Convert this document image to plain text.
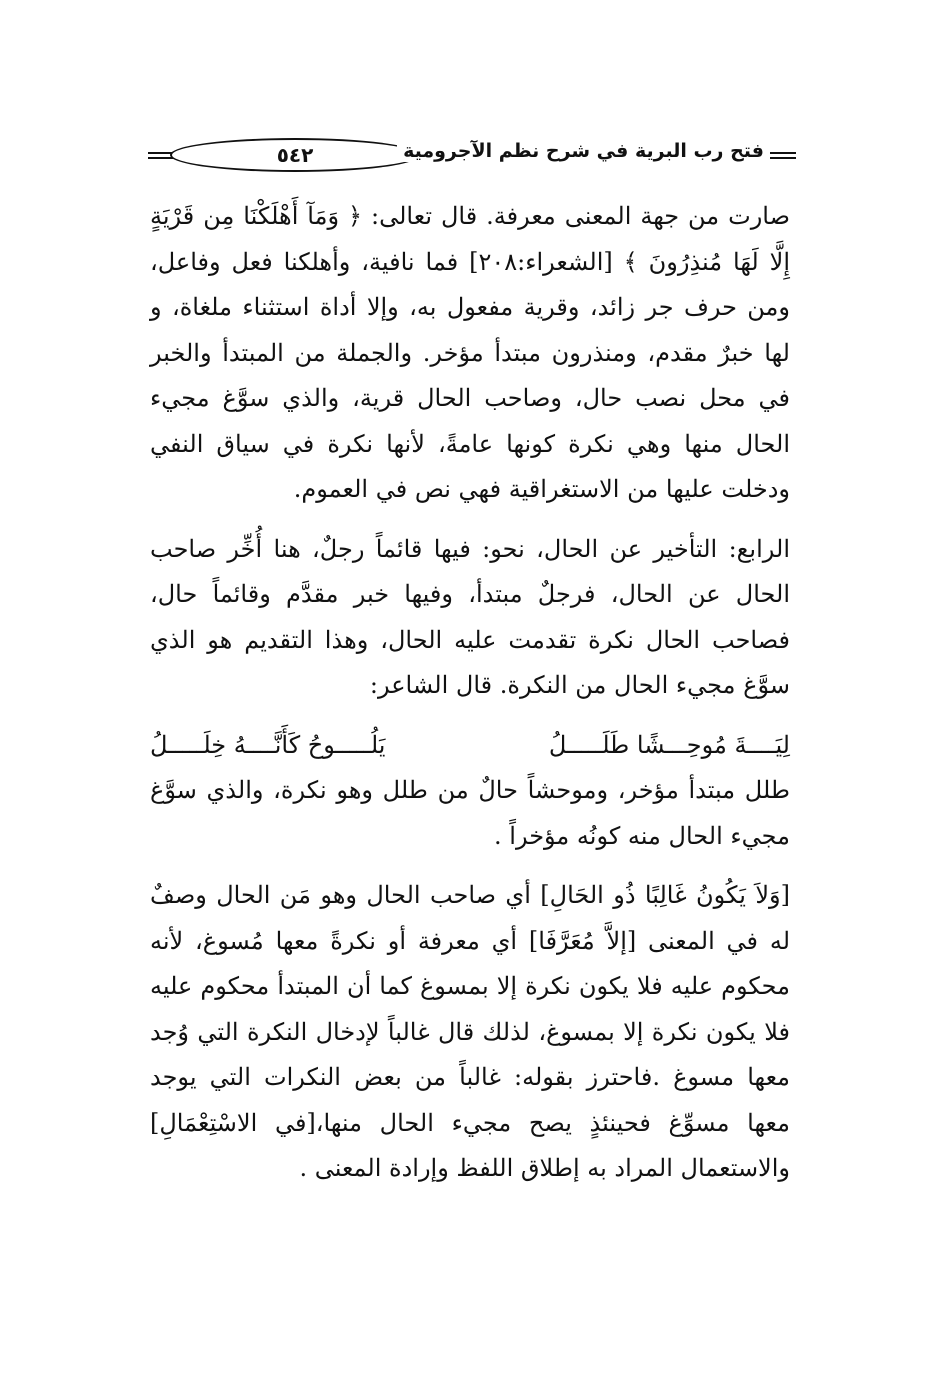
٥٤٢	فتح رب البرية في شرح نظم الآجرومية

صارت من جهة المعنى معرفة. قال تعالى: ﴿ وَمَآ أَهْلَكْنَا مِن قَرْيَةٍ إِلَّا لَهَا مُنذِرُونَ ﴾ [الشعراء:٢٠٨] فما نافية، وأهلكنا فعل وفاعل، ومن حرف جر زائد، وقرية مفعول به، وإلا أداة استثناء ملغاة، و لها خبرٌ مقدم، ومنذرون مبتدأ مؤخر. والجملة من المبتدأ والخبر في محل نصب حال، وصاحب الحال قرية، والذي سوَّغ مجيء الحال منها وهي نكرة كونها عامةً، لأنها نكرة في سياق النفي ودخلت عليها من الاستغراقية فهي نص في العموم.

الرابع: التأخير عن الحال، نحو: فيها قائماً رجلٌ، هنا أُخِّر صاحب الحال عن الحال، فرجلٌ مبتدأ، وفيها خبر مقدَّم وقائماً حال، فصاحب الحال نكرة تقدمت عليه الحال، وهذا التقديم هو الذي سوَّغ مجيء الحال من النكرة. قال الشاعر:

لِيَــــةَ مُوحِـــشًا طَلَـــــلُ
يَلُـــــوحُ كَأَنَّــــهُ خِلَـــــلُ

طلل مبتدأ مؤخر، وموحشاً حالٌ من طلل وهو نكرة، والذي سوَّغ مجيء الحال منه كونُه مؤخراً .

[وَلاَ يَكُونُ غَالِبًا ذُو الحَالِ] أي صاحب الحال وهو مَن الحال وصفٌ له في المعنى [إلاَّ مُعَرَّفَا] أي معرفة أو نكرةً معها مُسوغ، لأنه محكوم عليه فلا يكون نكرة إلا بمسوغ كما أن المبتدأ محكوم عليه فلا يكون نكرة إلا بمسوغ، لذلك قال غالباً لإدخال النكرة التي وُجد معها مسوغ .فاحترز بقوله: غالباً من بعض النكرات التي يوجد معها مسوِّغ فحينئذٍ يصح مجيء الحال منها،[في الاسْتِعْمَالِ] والاستعمال المراد به إطلاق اللفظ وإرادة المعنى .
